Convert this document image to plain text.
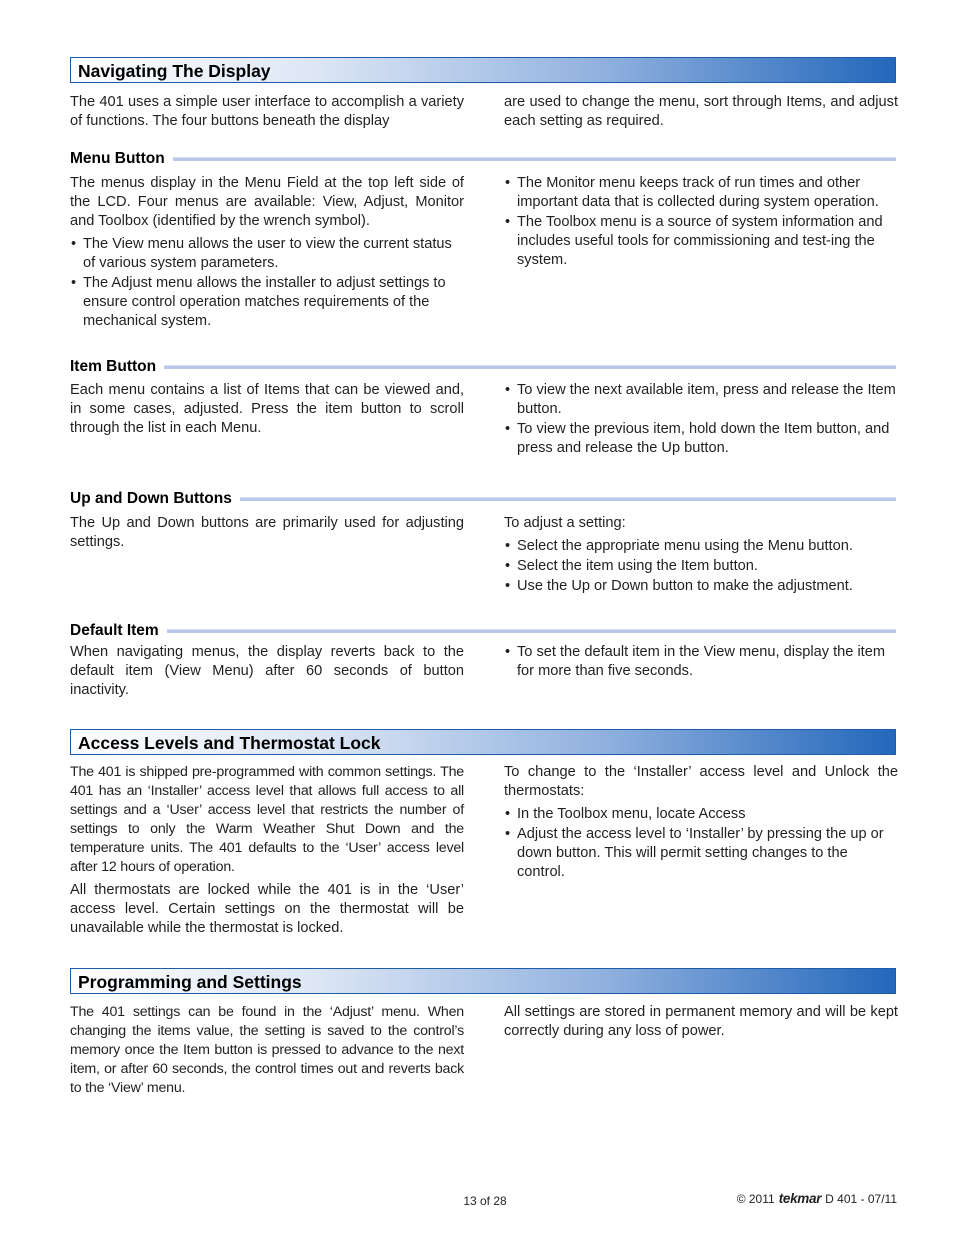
Navigating The Display

The 401 uses a simple user interface to accomplish a variety of functions. The four buttons beneath the display

are used to change the menu, sort through Items, and adjust each setting as required.

Menu Button

The menus display in the Menu Field at the top left side of the LCD. Four menus are available: View, Adjust, Monitor and Toolbox (identified by the wrench symbol).

• The View menu allows the user to view the current status of various system parameters.
• The Adjust menu allows the installer to adjust settings to ensure control operation matches requirements of the mechanical system.
• The Monitor menu keeps track of run times and other important data that is collected during system operation.
• The Toolbox menu is a source of system information and includes useful tools for commissioning and test-ing the system.
Item Button

Each menu contains a list of Items that can be viewed and, in some cases, adjusted. Press the item button to scroll through the list in each Menu.

• To view the next available item, press and release the Item button.
• To view the previous item, hold down the Item button, and press and release the Up button.
Up and Down Buttons

The Up and Down buttons are primarily used for adjusting settings.

To adjust a setting:

• Select the appropriate menu using the Menu button.
• Select the item using the Item button.
• Use the Up or Down button to make the adjustment.
Default Item

When navigating menus, the display reverts back to the default item (View Menu) after 60 seconds of button inactivity.

• To set the default item in the View menu, display the item for more than five seconds.
Access Levels and Thermostat Lock

The 401 is shipped pre-programmed with common settings. The 401 has an ‘Installer’ access level that allows full access to all settings and a ‘User’ access level that restricts the number of settings to only the Warm Weather Shut Down and the temperature units. The 401 defaults to the ‘User’ access level after 12 hours of operation.

All thermostats are locked while the 401 is in the ‘User’ access level. Certain settings on the thermostat will be unavailable while the thermostat is locked.

To change to the ‘Installer’ access level and Unlock the thermostats:

• In the Toolbox menu, locate Access
• Adjust the access level to ‘Installer’ by pressing the up or down button. This will permit setting changes to the control.
Programming and Settings

The 401 settings can be found in the ‘Adjust’ menu. When changing the items value, the setting is saved to the control’s memory once the Item button is pressed to advance to the next item, or after 60 seconds, the control times out and reverts back to the ‘View’ menu.

All settings are stored in permanent memory and will be kept correctly during any loss of power.

13 of 28	© 2011 tekmar D 401 - 07/11
